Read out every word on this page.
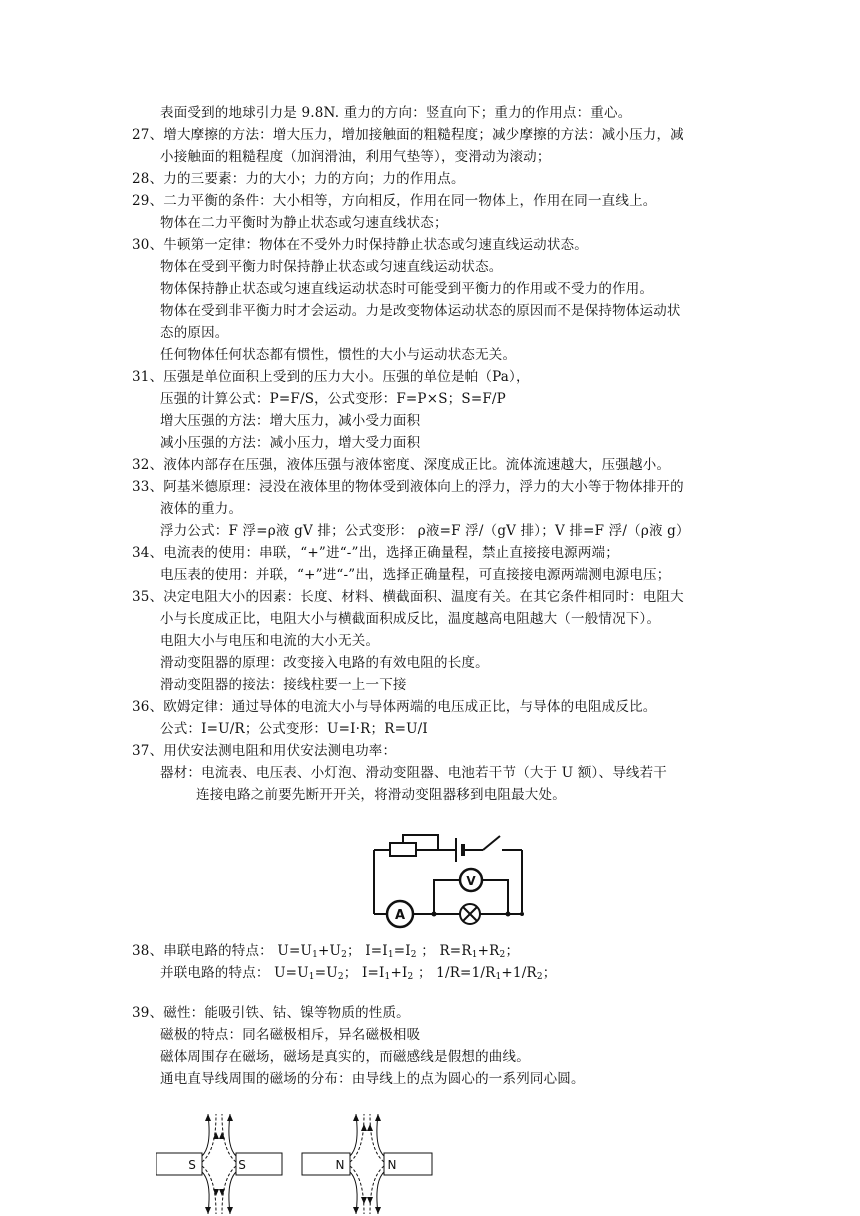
表面受到的地球引力是 9.8N. 重力的方向：竖直向下；重力的作用点：重心。
27、增大摩擦的方法：增大压力，增加接触面的粗糙程度；减少摩擦的方法：减小压力，减
小接触面的粗糙程度（加润滑油，利用气垫等），变滑动为滚动；
28、力的三要素：力的大小；力的方向；力的作用点。
29、二力平衡的条件：大小相等，方向相反，作用在同一物体上，作用在同一直线上。
物体在二力平衡时为静止状态或匀速直线状态；
30、牛顿第一定律：物体在不受外力时保持静止状态或匀速直线运动状态。
物体在受到平衡力时保持静止状态或匀速直线运动状态。
物体保持静止状态或匀速直线运动状态时可能受到平衡力的作用或不受力的作用。
物体在受到非平衡力时才会运动。力是改变物体运动状态的原因而不是保持物体运动状
态的原因。
任何物体任何状态都有惯性，惯性的大小与运动状态无关。
31、压强是单位面积上受到的压力大小。压强的单位是帕（Pa），
压强的计算公式：P=F/S，公式变形：F=P×S；S=F/P
增大压强的方法：增大压力，减小受力面积
减小压强的方法：减小压力，增大受力面积
32、液体内部存在压强，液体压强与液体密度、深度成正比。流体流速越大，压强越小。
33、阿基米德原理：浸没在液体里的物体受到液体向上的浮力，浮力的大小等于物体排开的
液体的重力。
浮力公式：F 浮=ρ液 gV 排；公式变形： ρ液=F 浮/（gV 排）；V 排=F 浮/（ρ液 g）
34、电流表的使用：串联，“+”进“-”出，选择正确量程，禁止直接接电源两端；
电压表的使用：并联，“+”进“-”出，选择正确量程，可直接接电源两端测电源电压；
35、决定电阻大小的因素：长度、材料、横截面积、温度有关。在其它条件相同时：电阻大
小与长度成正比，电阻大小与横截面积成反比，温度越高电阻越大（一般情况下）。
电阻大小与电压和电流的大小无关。
滑动变阻器的原理：改变接入电路的有效电阻的长度。
滑动变阻器的接法：接线柱要一上一下接
36、欧姆定律：通过导体的电流大小与导体两端的电压成正比，与导体的电阻成反比。
公式：I=U/R；公式变形：U=I·R；R=U/I
37、用伏安法测电阻和用伏安法测电功率：
器材：电流表、电压表、小灯泡、滑动变阻器、电池若干节（大于 U 额）、导线若干
连接电路之前要先断开开关，将滑动变阻器移到电阻最大处。
38、串联电路的特点： $U=U_1+U_2$； $I=I_1=I_2$ ； $R=R_1+R_2$；
并联电路的特点： $U=U_1=U_2$； $I=I_1+I_2$ ； $1/R=1/R_1+1/R_2$；
39、磁性：能吸引铁、钴、镍等物质的性质。
磁极的特点：同名磁极相斥，异名磁极相吸
磁体周围存在磁场，磁场是真实的，而磁感线是假想的曲线。
通电直导线周围的磁场的分布：由导线上的点为圆心的一系列同心圆。
A
V
S	S	N	N
